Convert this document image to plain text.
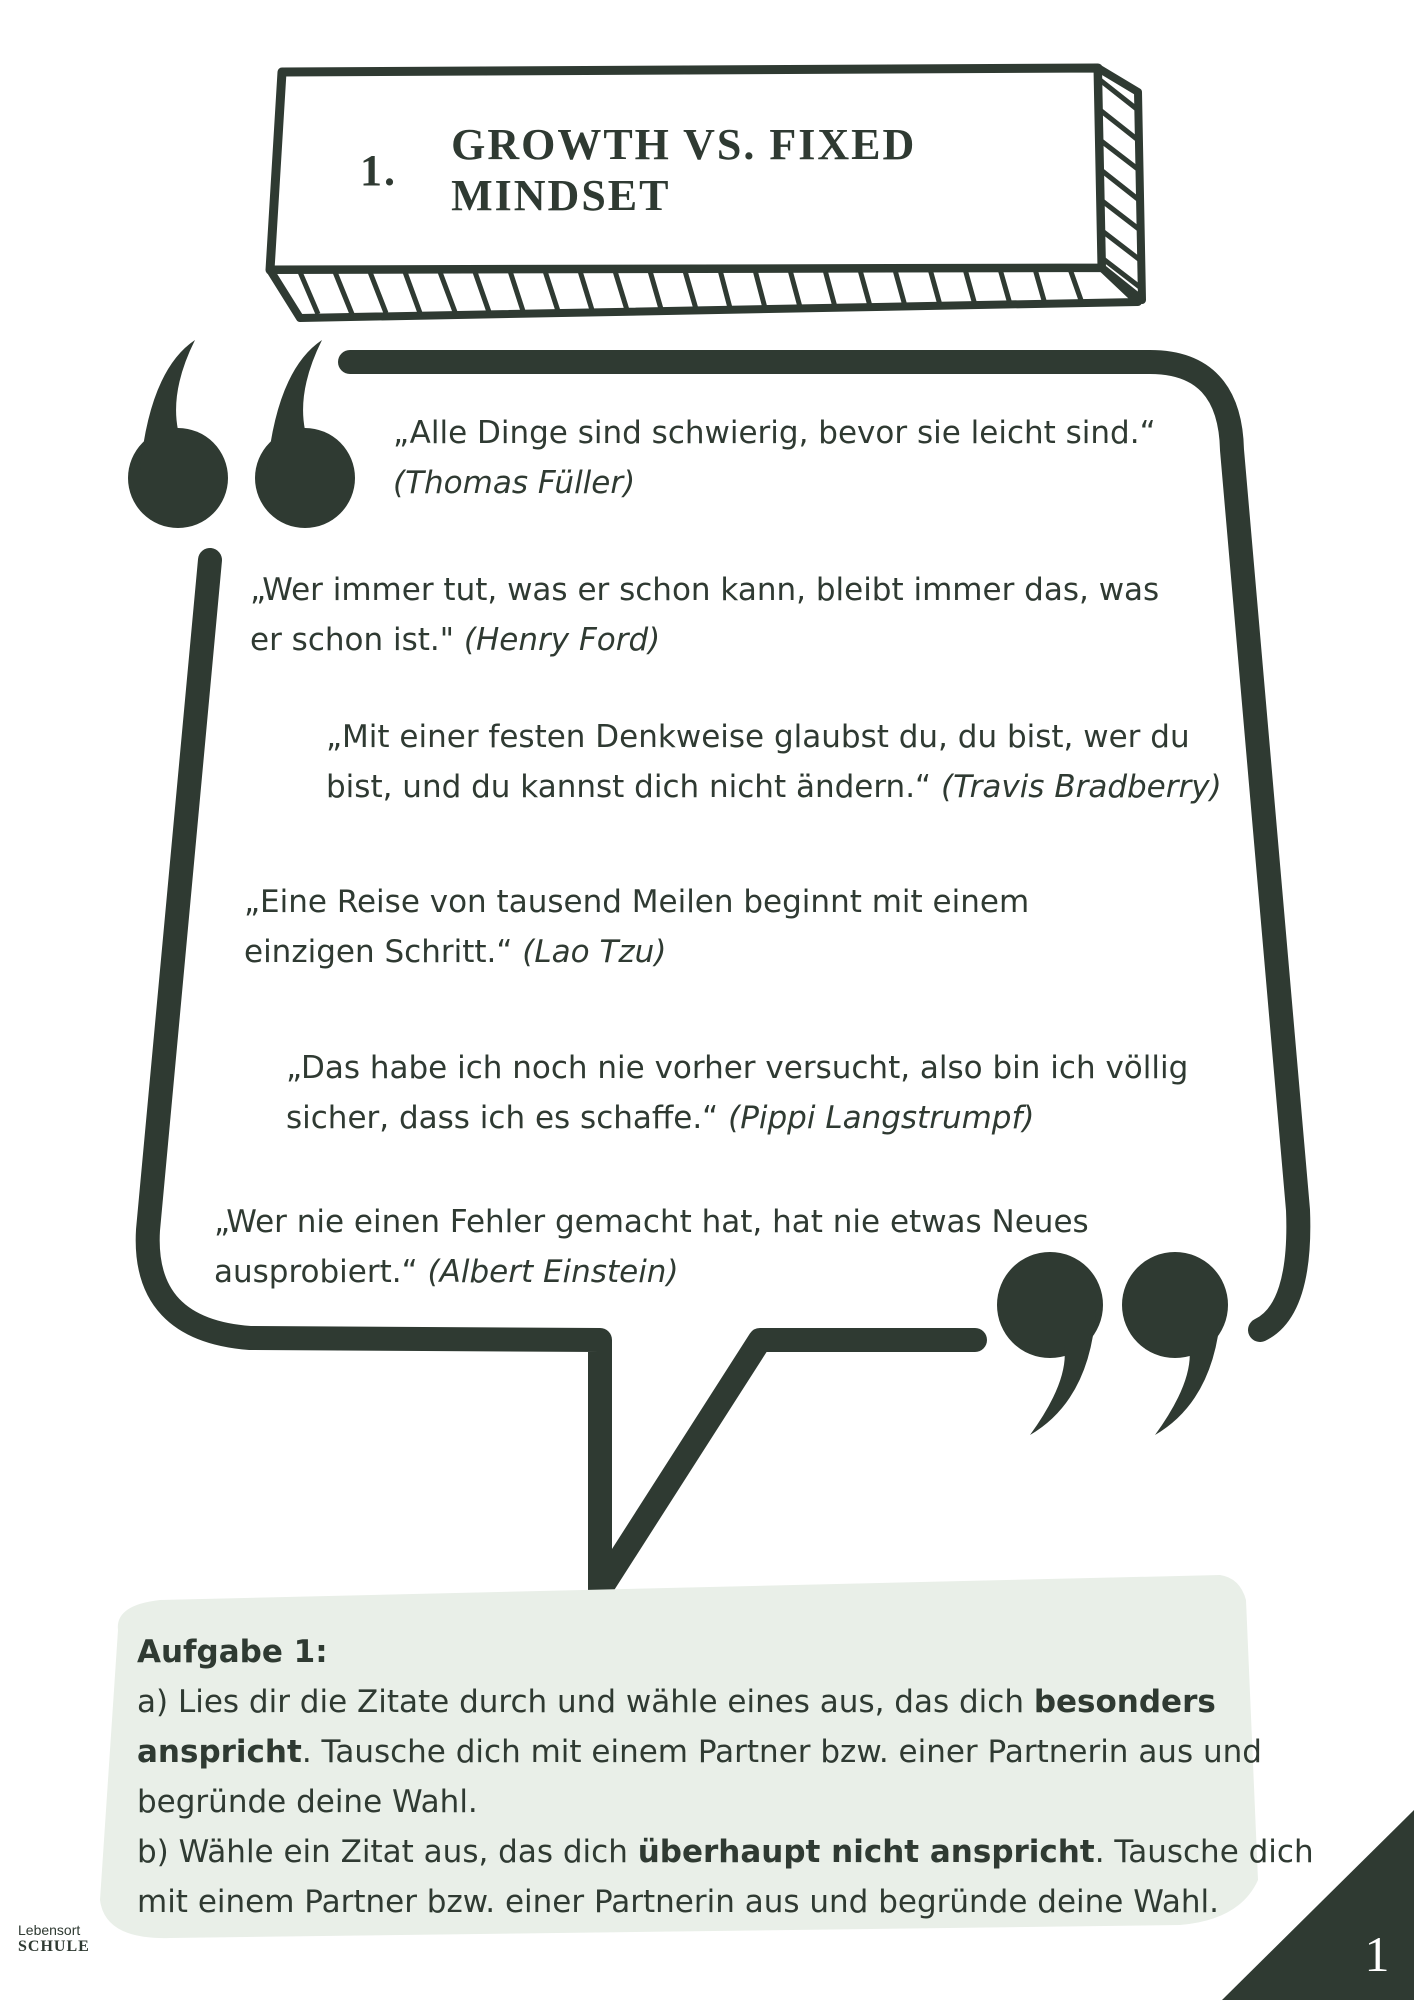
1.
GROWTH VS. FIXED MINDSET
„Alle Dinge sind schwierig, bevor sie leicht sind.“
(Thomas Füller)
„Wer immer tut, was er schon kann, bleibt immer das, was
er schon ist." (Henry Ford)
„Mit einer festen Denkweise glaubst du, du bist, wer du
bist, und du kannst dich nicht ändern.“ (Travis Bradberry)
„Eine Reise von tausend Meilen beginnt mit einem
einzigen Schritt.“ (Lao Tzu)
„Das habe ich noch nie vorher versucht, also bin ich völlig
sicher, dass ich es schaffe.“ (Pippi Langstrumpf)
„Wer nie einen Fehler gemacht hat, hat nie etwas Neues
ausprobiert.“ (Albert Einstein)
Aufgabe 1:
a) Lies dir die Zitate durch und wähle eines aus, das dich besonders anspricht. Tausche dich mit einem Partner bzw. einer Partnerin aus und begründe deine Wahl.
b) Wähle ein Zitat aus, das dich überhaupt nicht anspricht. Tausche dich mit einem Partner bzw. einer Partnerin aus und begründe deine Wahl.
Lebensort
SCHULE	1
